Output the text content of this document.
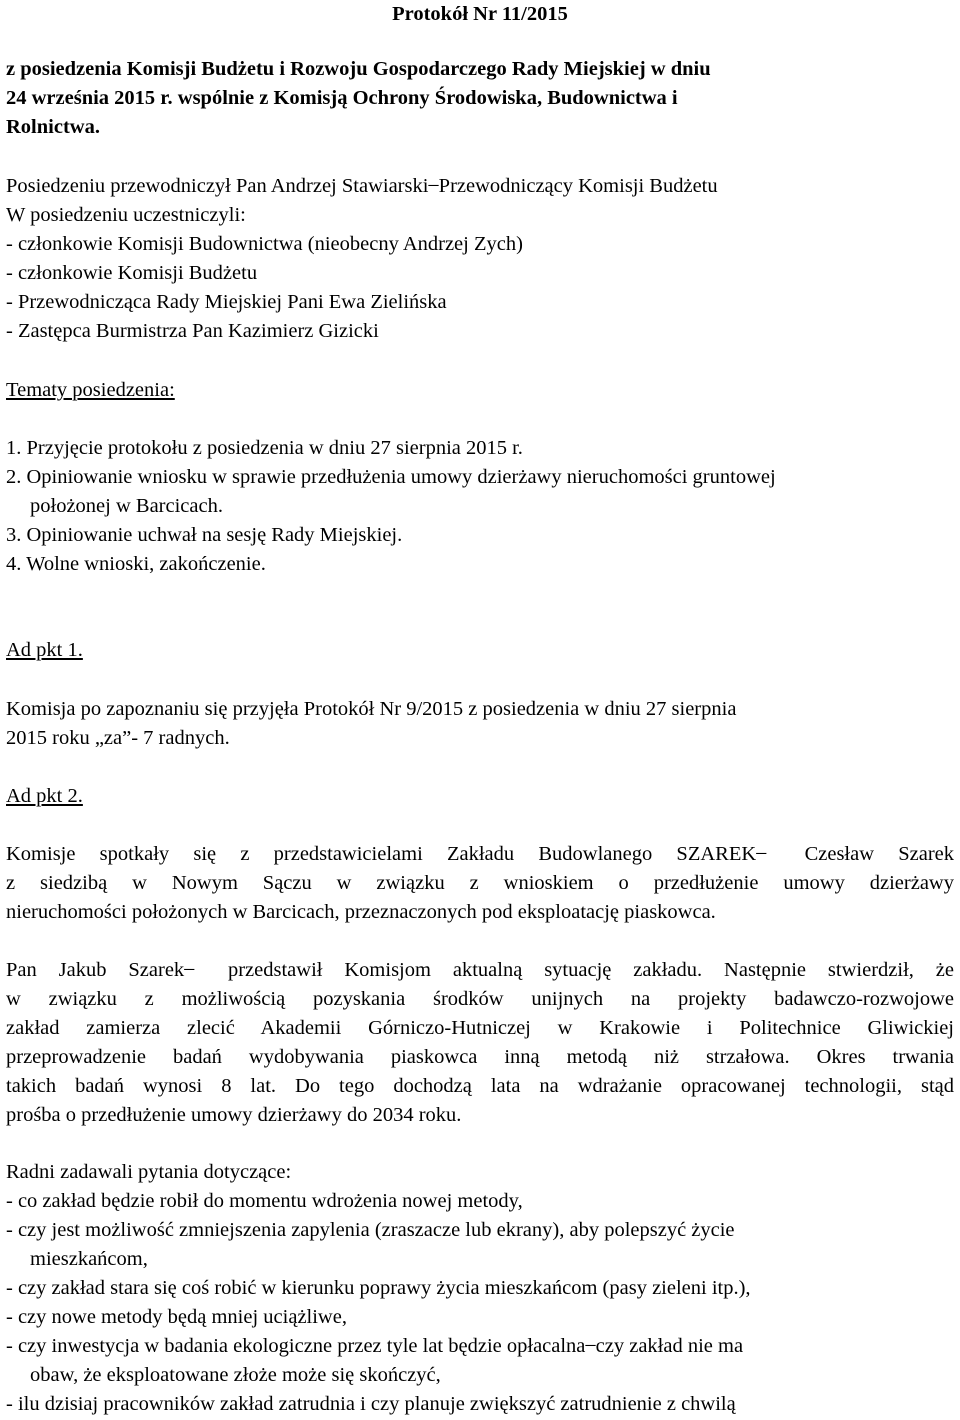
Protokół Nr 11/2015
z posiedzenia Komisji Budżetu i Rozwoju Gospodarczego Rady Miejskiej w dniu
24 września 2015 r. wspólnie z Komisją Ochrony Środowiska, Budownictwa i
Rolnictwa.
Posiedzeniu przewodniczył Pan Andrzej Stawiarski ̶ Przewodniczący Komisji Budżetu
W posiedzeniu uczestniczyli:
- członkowie Komisji Budownictwa (nieobecny Andrzej Zych)
- członkowie Komisji Budżetu
- Przewodnicząca Rady Miejskiej Pani Ewa Zielińska
- Zastępca Burmistrza Pan Kazimierz Gizicki
Tematy posiedzenia:
1. Przyjęcie protokołu z posiedzenia w dniu 27 sierpnia 2015 r.
2. Opiniowanie wniosku w sprawie przedłużenia umowy dzierżawy nieruchomości gruntowej
położonej w Barcicach.
3. Opiniowanie uchwał na sesję Rady Miejskiej.
4. Wolne wnioski, zakończenie.
Ad pkt 1.
Komisja po zapoznaniu się przyjęła Protokół Nr 9/2015 z posiedzenia w dniu 27 sierpnia
2015 roku „za”- 7 radnych.
Ad pkt 2.
Komisje spotkały się z przedstawicielami Zakładu Budowlanego SZAREK ̶ Czesław Szarek
z siedzibą w Nowym Sączu w związku z wnioskiem o przedłużenie umowy dzierżawy
nieruchomości położonych w Barcicach, przeznaczonych pod eksploatację piaskowca.
Pan Jakub Szarek ̶ przedstawił Komisjom aktualną sytuację zakładu. Następnie stwierdził, że
w związku z możliwością pozyskania środków unijnych na projekty badawczo-rozwojowe
zakład zamierza zlecić Akademii Górniczo-Hutniczej w Krakowie i Politechnice Gliwickiej
przeprowadzenie badań wydobywania piaskowca inną metodą niż strzałowa. Okres trwania
takich badań wynosi 8 lat. Do tego dochodzą lata na wdrażanie opracowanej technologii, stąd
prośba o przedłużenie umowy dzierżawy do 2034 roku.
Radni zadawali pytania dotyczące:
- co zakład będzie robił do momentu wdrożenia nowej metody,
- czy jest możliwość zmniejszenia zapylenia (zraszacze lub ekrany), aby polepszyć życie
mieszkańcom,
- czy zakład stara się coś robić w kierunku poprawy życia mieszkańcom (pasy zieleni itp.),
- czy nowe metody będą mniej uciążliwe,
- czy inwestycja w badania ekologiczne przez tyle lat będzie opłacalna ̶ czy zakład nie ma
obaw, że eksploatowane złoże może się skończyć,
- ilu dzisiaj pracowników zakład zatrudnia i czy planuje zwiększyć zatrudnienie z chwilą
